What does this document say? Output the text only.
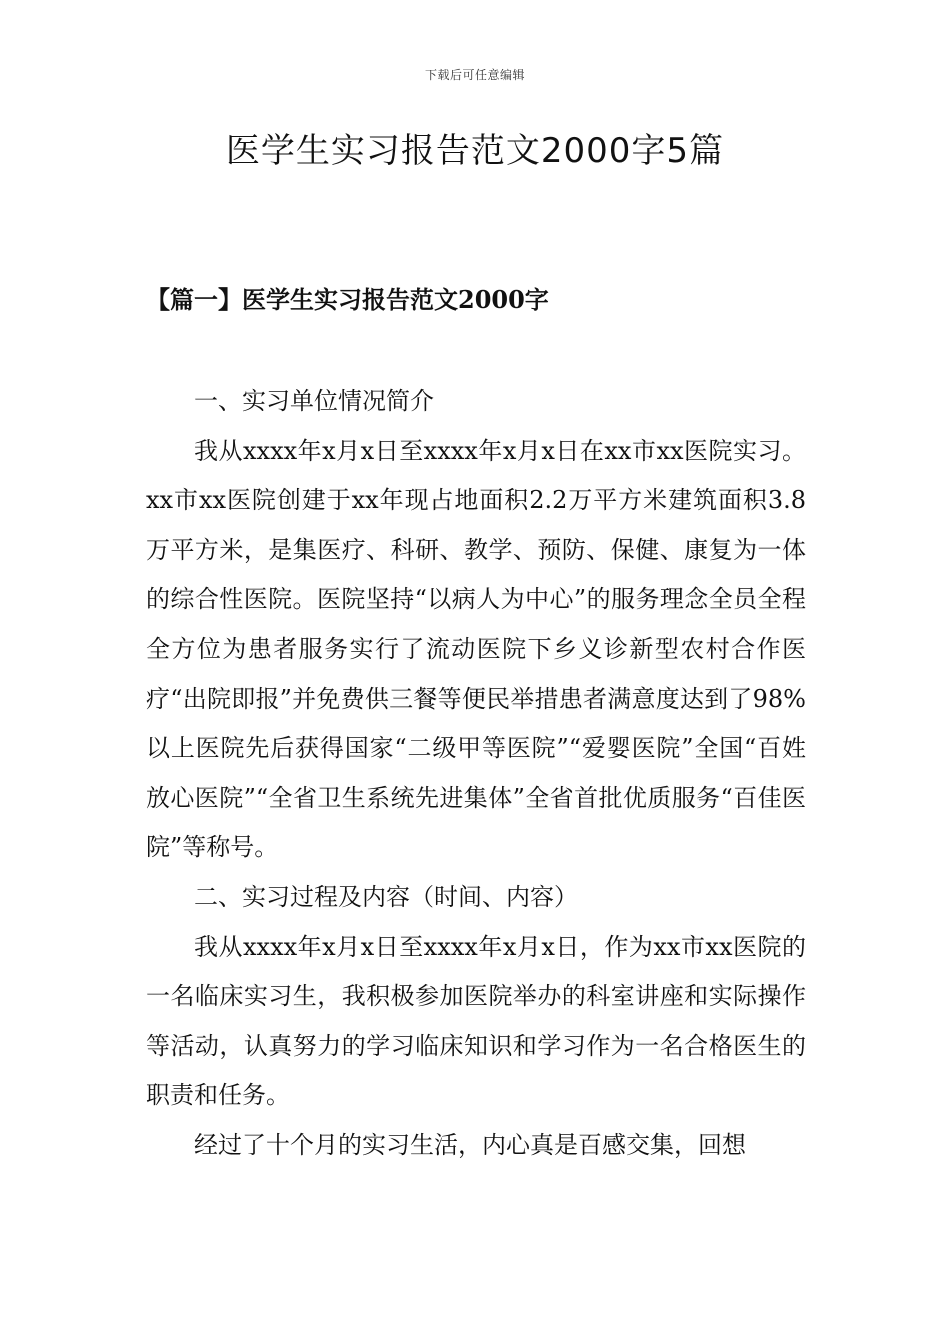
下载后可任意编辑
医学生实习报告范文2000字5篇
【篇一】医学生实习报告范文2000字

一、实习单位情况简介

我从xxxx年x月x日至xxxx年x月x日在xx市xx医院实习。xx市xx医院创建于xx年现占地面积2.2万平方米建筑面积3.8万平方米，是集医疗、科研、教学、预防、保健、康复为一体的综合性医院。医院坚持“以病人为中心”的服务理念全员全程全方位为患者服务实行了流动医院下乡义诊新型农村合作医疗“出院即报”并免费供三餐等便民举措患者满意度达到了98%以上医院先后获得国家“二级甲等医院”“爱婴医院”全国“百姓放心医院”“全省卫生系统先进集体”全省首批优质服务“百佳医院”等称号。

二、实习过程及内容（时间、内容）

我从xxxx年x月x日至xxxx年x月x日，作为xx市xx医院的一名临床实习生，我积极参加医院举办的科室讲座和实际操作等活动，认真努力的学习临床知识和学习作为一名合格医生的职责和任务。

经过了十个月的实习生活，内心真是百感交集，回想
